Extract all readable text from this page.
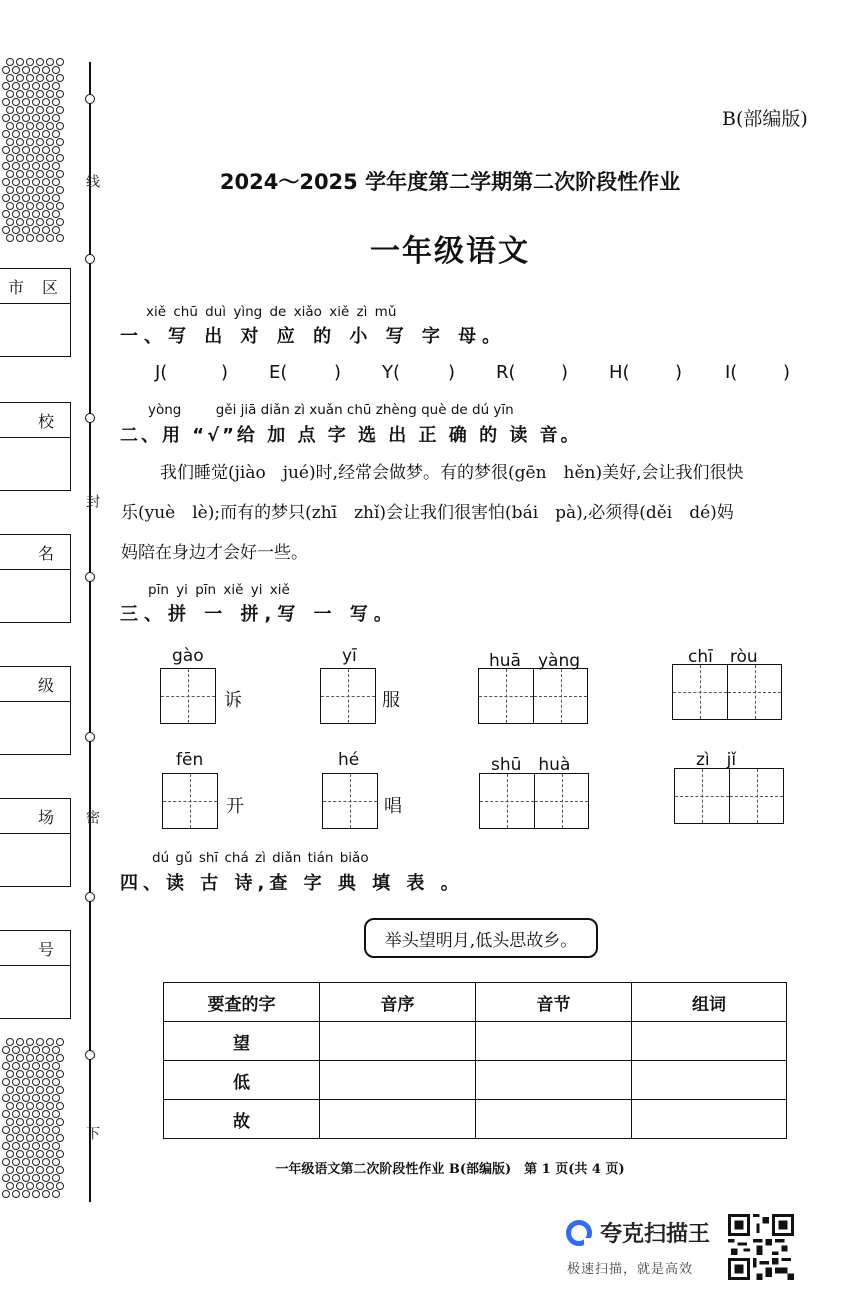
线
封
密
下
市 区
校
名
级
场
号
B(部编版)
2024～2025 学年度第二学期第二次阶段性作业
一年级语文
xiě chū duì yìng de xiǎo xiě zì mǔ
一、写 出 对 应 的 小 写 字 母。
J(	) E(	) Y(	) R(	) H(	) I(	)
yòng        gěi jiā diǎn zì xuǎn chū zhèng què de dú yīn
二、用 “√”给 加 点 字 选 出 正 确 的 读 音。
我们睡觉(jiào　jué)时,经常会做梦。有的梦很(gēn　hěn)美好,会让我们很快
乐(yuè　lè);而有的梦只(zhī　zhǐ)会让我们很害怕(bái　pà),必须得(děi　dé)妈
妈陪在身边才会好一些。
pīn yi pīn xiě yi xiě
三、拼 一 拼,写 一 写。
gào
诉
yī
服
huā　yàng	chī　ròu
fēn
开
hé
唱
shū　huà	zì　jǐ
dú gǔ shī chá zì diǎn tián biǎo
四、读 古 诗,查 字 典 填 表 。
举头望明月,低头思故乡。
要查的字	音序	音节	组词
望			
低			
故			
一年级语文第二次阶段性作业 B(部编版)　第 1 页(共 4 页)
夸克扫描王
极速扫描，就是高效
